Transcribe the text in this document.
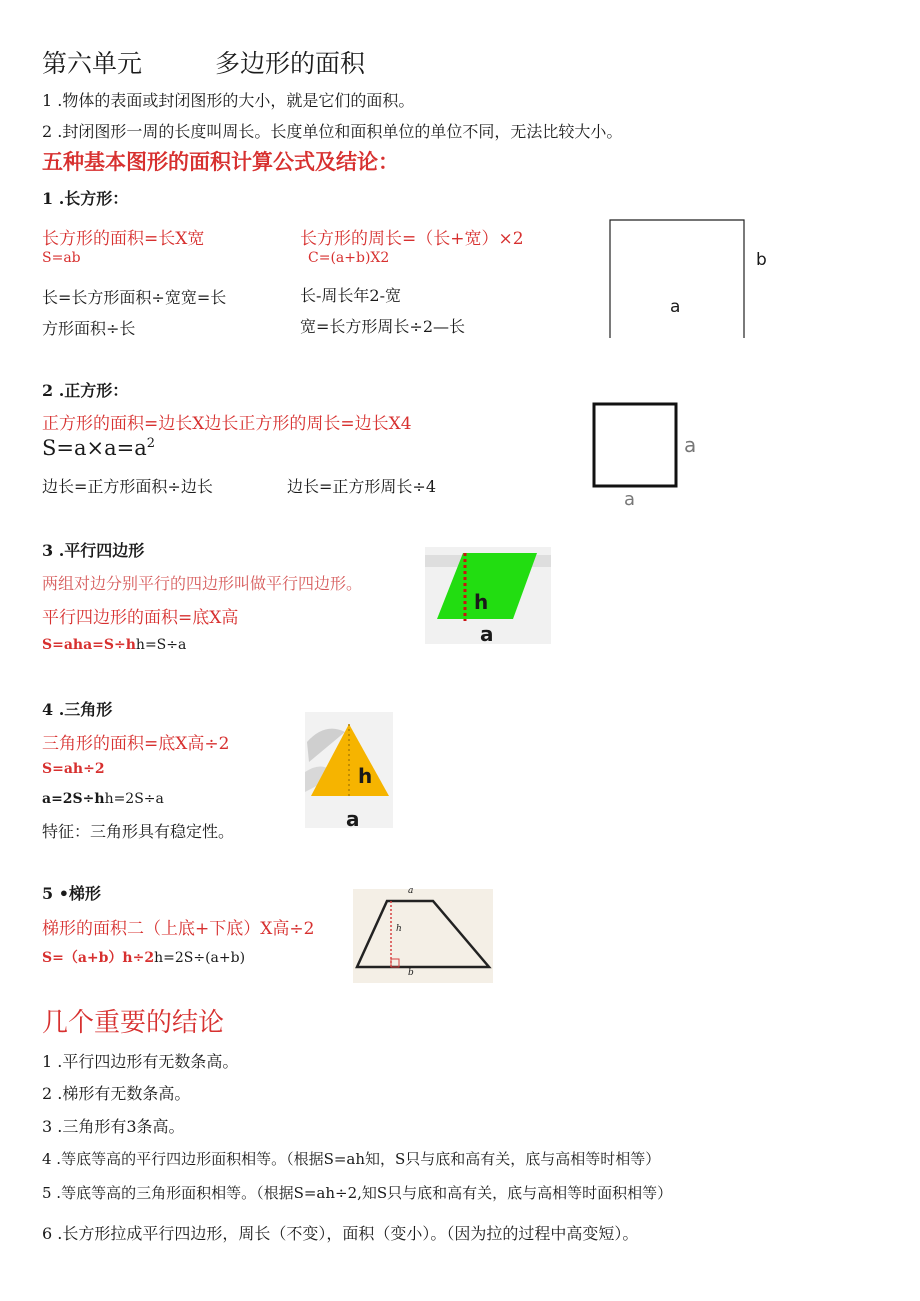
第六单元	多边形的面积
1 .物体的表面或封闭图形的大小，就是它们的面积。
2 .封闭图形一周的长度叫周长。长度单位和面积单位的单位不同，无法比较大小。
五种基本图形的面积计算公式及结论：
1 .长方形：
长方形的面积=长X宽
S=ab
长方形的周长=（长+宽）×2
C=(a+b)X2
长=长方形面积÷宽宽=长
方形面积÷长
长-周长年2-宽
宽=长方形周长÷2—长
b
a
2 .正方形：
正方形的面积=边长X边长正方形的周长=边长X4
$S=a\times a=a^2$
边长=正方形面积÷边长	边长=正方形周长÷4
a
a
3 .平行四边形
两组对边分别平行的四边形叫做平行四边形。
平行四边形的面积=底X高
S=aha=S÷hh=S÷a
h
a
4 .三角形
三角形的面积=底X高÷2
S=ah÷2
a=2S÷hh=2S÷a
特征：三角形具有稳定性。
h
a
5 •梯形
梯形的面积二（上底+下底）X高÷2
S=（a+b）h÷2h=2S÷(a+b)
a
h
b
几个重要的结论
1 .平行四边形有无数条高。
2 .梯形有无数条高。
3 .三角形有3条高。
4 .等底等高的平行四边形面积相等。（根据S=ah知，S只与底和高有关，底与高相等时相等）
5 .等底等高的三角形面积相等。（根据S=ah÷2,知S只与底和高有关，底与高相等时面积相等）
6 .长方形拉成平行四边形，周长（不变），面积（变小）。（因为拉的过程中高变短）。
